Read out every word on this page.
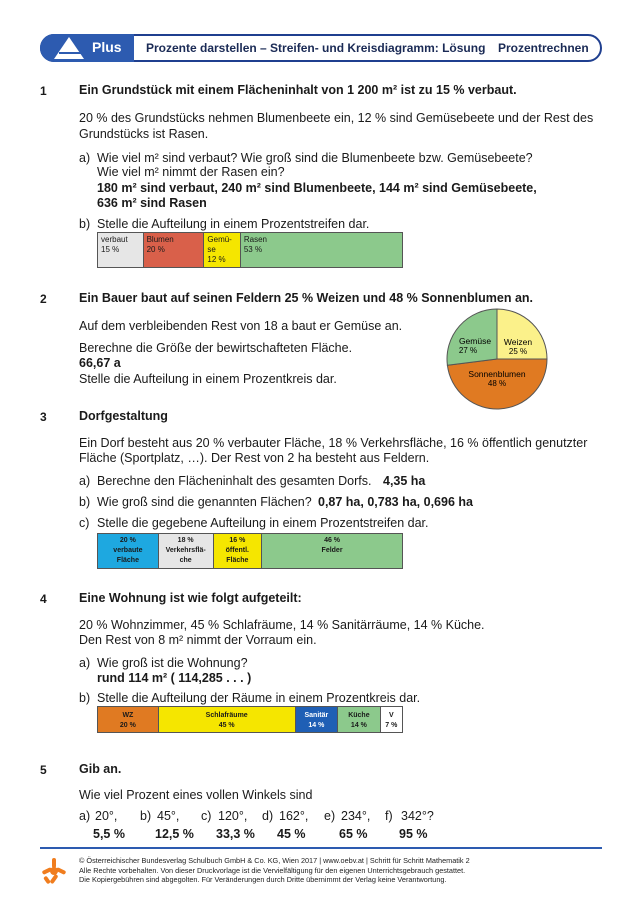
Plus Prozente darstellen – Streifen- und Kreisdiagramm: Lösung Prozentrechnen
1	Ein Grundstück mit einem Flächeninhalt von 1 200 m² ist zu 15 % verbaut.
20 % des Grundstücks nehmen Blumenbeete ein, 12 % sind Gemüsebeete und der Rest des
Grundstücks ist Rasen.
a) Wie viel m² sind verbaut? Wie groß sind die Blumenbeete bzw. Gemüsebeete?
Wie viel m² nimmt der Rasen ein?
180 m² sind verbaut, 240 m² sind Blumenbeete, 144 m² sind Gemüsebeete,
636 m² sind Rasen
b) Stelle die Aufteilung in einem Prozentstreifen dar.
verbaut
15 %
Blumen
20 %
Gemü-
se
12 %
Rasen
53 %
2	Ein Bauer baut auf seinen Feldern 25 % Weizen und 48 % Sonnenblumen an.
Auf dem verbleibenden Rest von 18 a baut er Gemüse an.
Berechne die Größe der bewirtschafteten Fläche.
66,67 a
Stelle die Aufteilung in einem Prozentkreis dar.
Weizen
25 %
Sonnenblumen
48 %
Gemüse
27 %
3	Dorfgestaltung
Ein Dorf besteht aus 20 % verbauter Fläche, 18 % Verkehrsfläche, 16 % öffentlich genutzter
Fläche (Sportplatz, …). Der Rest von 2 ha besteht aus Feldern.
a) Berechne den Flächeninhalt des gesamten Dorfs. 4,35 ha
b) Wie groß sind die genannten Flächen? 0,87 ha, 0,783 ha, 0,696 ha
c) Stelle die gegebene Aufteilung in einem Prozentstreifen dar.
20 %
verbaute
Fläche
18 %
Verkehrsflä-
che
16 %
öffentl.
Fläche
46 %
Felder
4	Eine Wohnung ist wie folgt aufgeteilt:
20 % Wohnzimmer, 45 % Schlafräume, 14 % Sanitärräume, 14 % Küche.
Den Rest von 8 m² nimmt der Vorraum ein.
a) Wie groß ist die Wohnung?
rund 114 m² ( 114,285 . . . )
b) Stelle die Aufteilung der Räume in einem Prozentkreis dar.
WZ
20 %
Schlafräume
45 %
Sanitär
14 %
Küche
14 %
V
7 %
5	Gib an.
Wie viel Prozent eines vollen Winkels sind
a) 20°,
5,5 %
b) 45°,
12,5 %
c) 120°,
33,3 %
d) 162°,
45 %
e) 234°,
65 %
f) 342°?
95 %
© Österreichischer Bundesverlag Schulbuch GmbH & Co. KG, Wien 2017 | www.oebv.at | Schritt für Schritt Mathematik 2
Alle Rechte vorbehalten. Von dieser Druckvorlage ist die Vervielfältigung für den eigenen Unterrichtsgebrauch gestattet.
Die Kopiergebühren sind abgegolten. Für Veränderungen durch Dritte übernimmt der Verlag keine Verantwortung.
